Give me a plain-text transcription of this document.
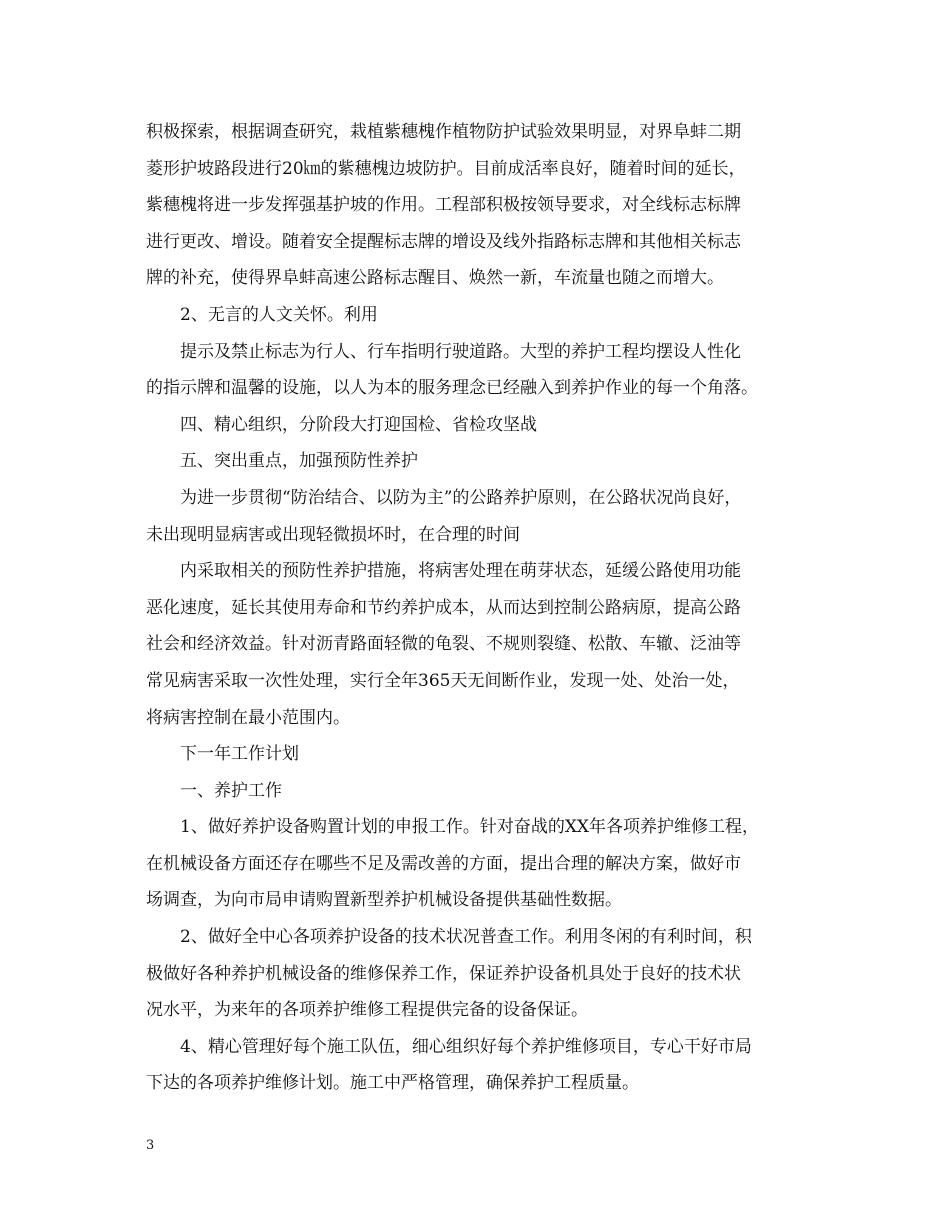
积极探索，根据调查研究，栽植紫穗槐作植物防护试验效果明显，对界阜蚌二期
菱形护坡路段进行20㎞的紫穗槐边坡防护。目前成活率良好，随着时间的延长，
紫穗槐将进一步发挥强基护坡的作用。工程部积极按领导要求，对全线标志标牌
进行更改、增设。随着安全提醒标志牌的增设及线外指路标志牌和其他相关标志
牌的补充，使得界阜蚌高速公路标志醒目、焕然一新，车流量也随之而增大。
2、无言的人文关怀。利用
提示及禁止标志为行人、行车指明行驶道路。大型的养护工程均摆设人性化
的指示牌和温馨的设施，以人为本的服务理念已经融入到养护作业的每一个角落。
四、精心组织，分阶段大打迎国检、省检攻坚战
五、突出重点，加强预防性养护
为进一步贯彻“防治结合、以防为主”的公路养护原则，在公路状况尚良好，
未出现明显病害或出现轻微损坏时，在合理的时间
内采取相关的预防性养护措施，将病害处理在萌芽状态，延缓公路使用功能
恶化速度，延长其使用寿命和节约养护成本，从而达到控制公路病原，提高公路
社会和经济效益。针对沥青路面轻微的龟裂、不规则裂缝、松散、车辙、泛油等
常见病害采取一次性处理，实行全年365天无间断作业，发现一处、处治一处，
将病害控制在最小范围内。
下一年工作计划
一、养护工作
1、做好养护设备购置计划的申报工作。针对奋战的XX年各项养护维修工程，
在机械设备方面还存在哪些不足及需改善的方面，提出合理的解决方案，做好市
场调查，为向市局申请购置新型养护机械设备提供基础性数据。
2、做好全中心各项养护设备的技术状况普查工作。利用冬闲的有利时间，积
极做好各种养护机械设备的维修保养工作，保证养护设备机具处于良好的技术状
况水平，为来年的各项养护维修工程提供完备的设备保证。
4、精心管理好每个施工队伍，细心组织好每个养护维修项目，专心干好市局
下达的各项养护维修计划。施工中严格管理，确保养护工程质量。
3
